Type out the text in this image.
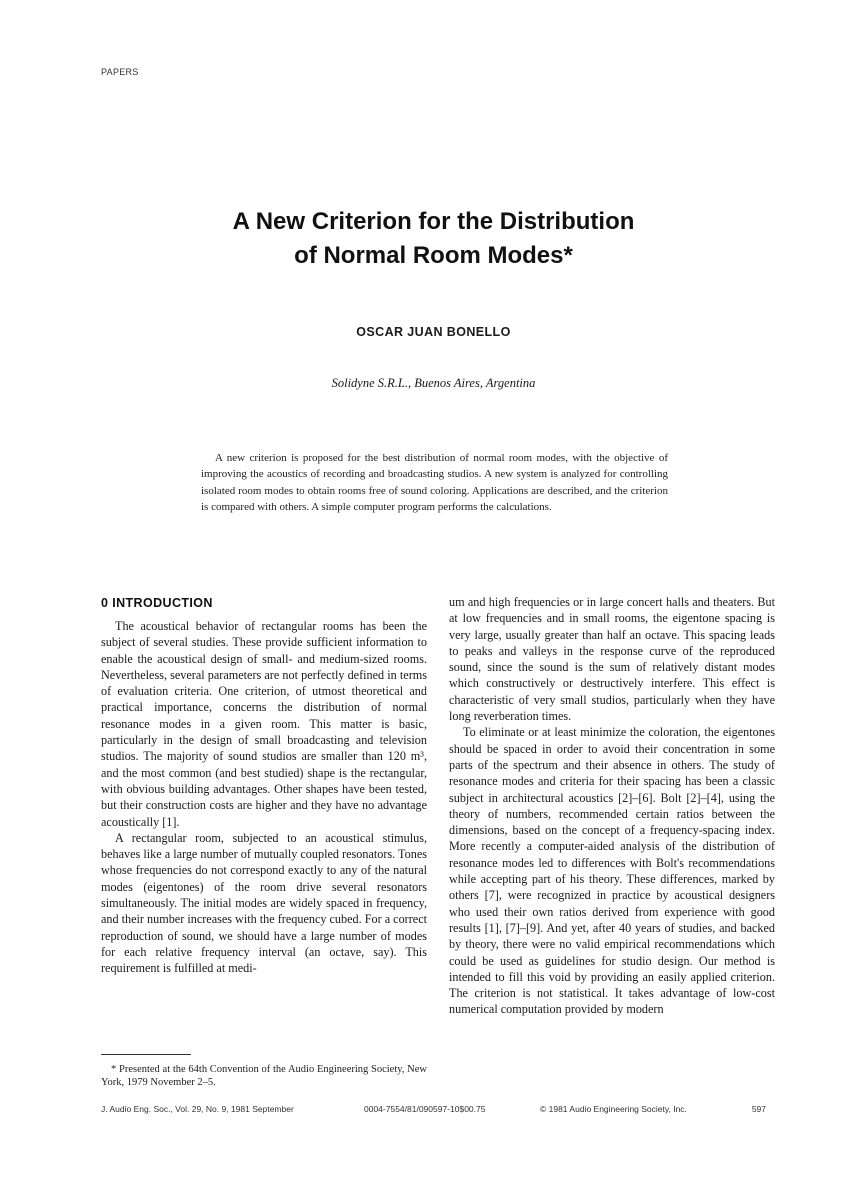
PAPERS
A New Criterion for the Distribution
of Normal Room Modes*
OSCAR JUAN BONELLO
Solidyne S.R.L., Buenos Aires, Argentina
A new criterion is proposed for the best distribution of normal room modes, with the objective of improving the acoustics of recording and broadcasting studios. A new system is analyzed for controlling isolated room modes to obtain rooms free of sound coloring. Applications are described, and the criterion is compared with others. A simple computer program performs the calculations.
0 INTRODUCTION

The acoustical behavior of rectangular rooms has been the subject of several studies. These provide sufficient information to enable the acoustical design of small- and medium-sized rooms. Nevertheless, several parameters are not perfectly defined in terms of evaluation criteria. One criterion, of utmost theoretical and practical importance, concerns the distribution of normal resonance modes in a given room. This matter is basic, particularly in the design of small broadcasting and television studios. The majority of sound studios are smaller than 120 m³, and the most common (and best studied) shape is the rectangular, with obvious building advantages. Other shapes have been tested, but their construction costs are higher and they have no advantage acoustically [1].

A rectangular room, subjected to an acoustical stimulus, behaves like a large number of mutually coupled resonators. Tones whose frequencies do not correspond exactly to any of the natural modes (eigentones) of the room drive several resonators simultaneously. The initial modes are widely spaced in frequency, and their number increases with the frequency cubed. For a correct reproduction of sound, we should have a large number of modes for each relative frequency interval (an octave, say). This requirement is fulfilled at medi-

um and high frequencies or in large concert halls and theaters. But at low frequencies and in small rooms, the eigentone spacing is very large, usually greater than half an octave. This spacing leads to peaks and valleys in the response curve of the reproduced sound, since the sound is the sum of relatively distant modes which constructively or destructively interfere. This effect is characteristic of very small studios, particularly when they have long reverberation times.

To eliminate or at least minimize the coloration, the eigentones should be spaced in order to avoid their concentration in some parts of the spectrum and their absence in others. The study of resonance modes and criteria for their spacing has been a classic subject in architectural acoustics [2]–[6]. Bolt [2]–[4], using the theory of numbers, recommended certain ratios between the dimensions, based on the concept of a frequency-spacing index. More recently a computer-aided analysis of the distribution of resonance modes led to differences with Bolt's recommendations while accepting part of his theory. These differences, marked by others [7], were recognized in practice by acoustical designers who used their own ratios derived from experience with good results [1], [7]–[9]. And yet, after 40 years of studies, and backed by theory, there were no valid empirical recommendations which could be used as guidelines for studio design. Our method is intended to fill this void by providing an easily applied criterion. The criterion is not statistical. It takes advantage of low-cost numerical computation provided by modern

* Presented at the 64th Convention of the Audio Engineering Society, New York, 1979 November 2–5.
J. Audio Eng. Soc., Vol. 29, No. 9, 1981 September	0004-7554/81/090597-10$00.75	© 1981 Audio Engineering Society, Inc.	597
